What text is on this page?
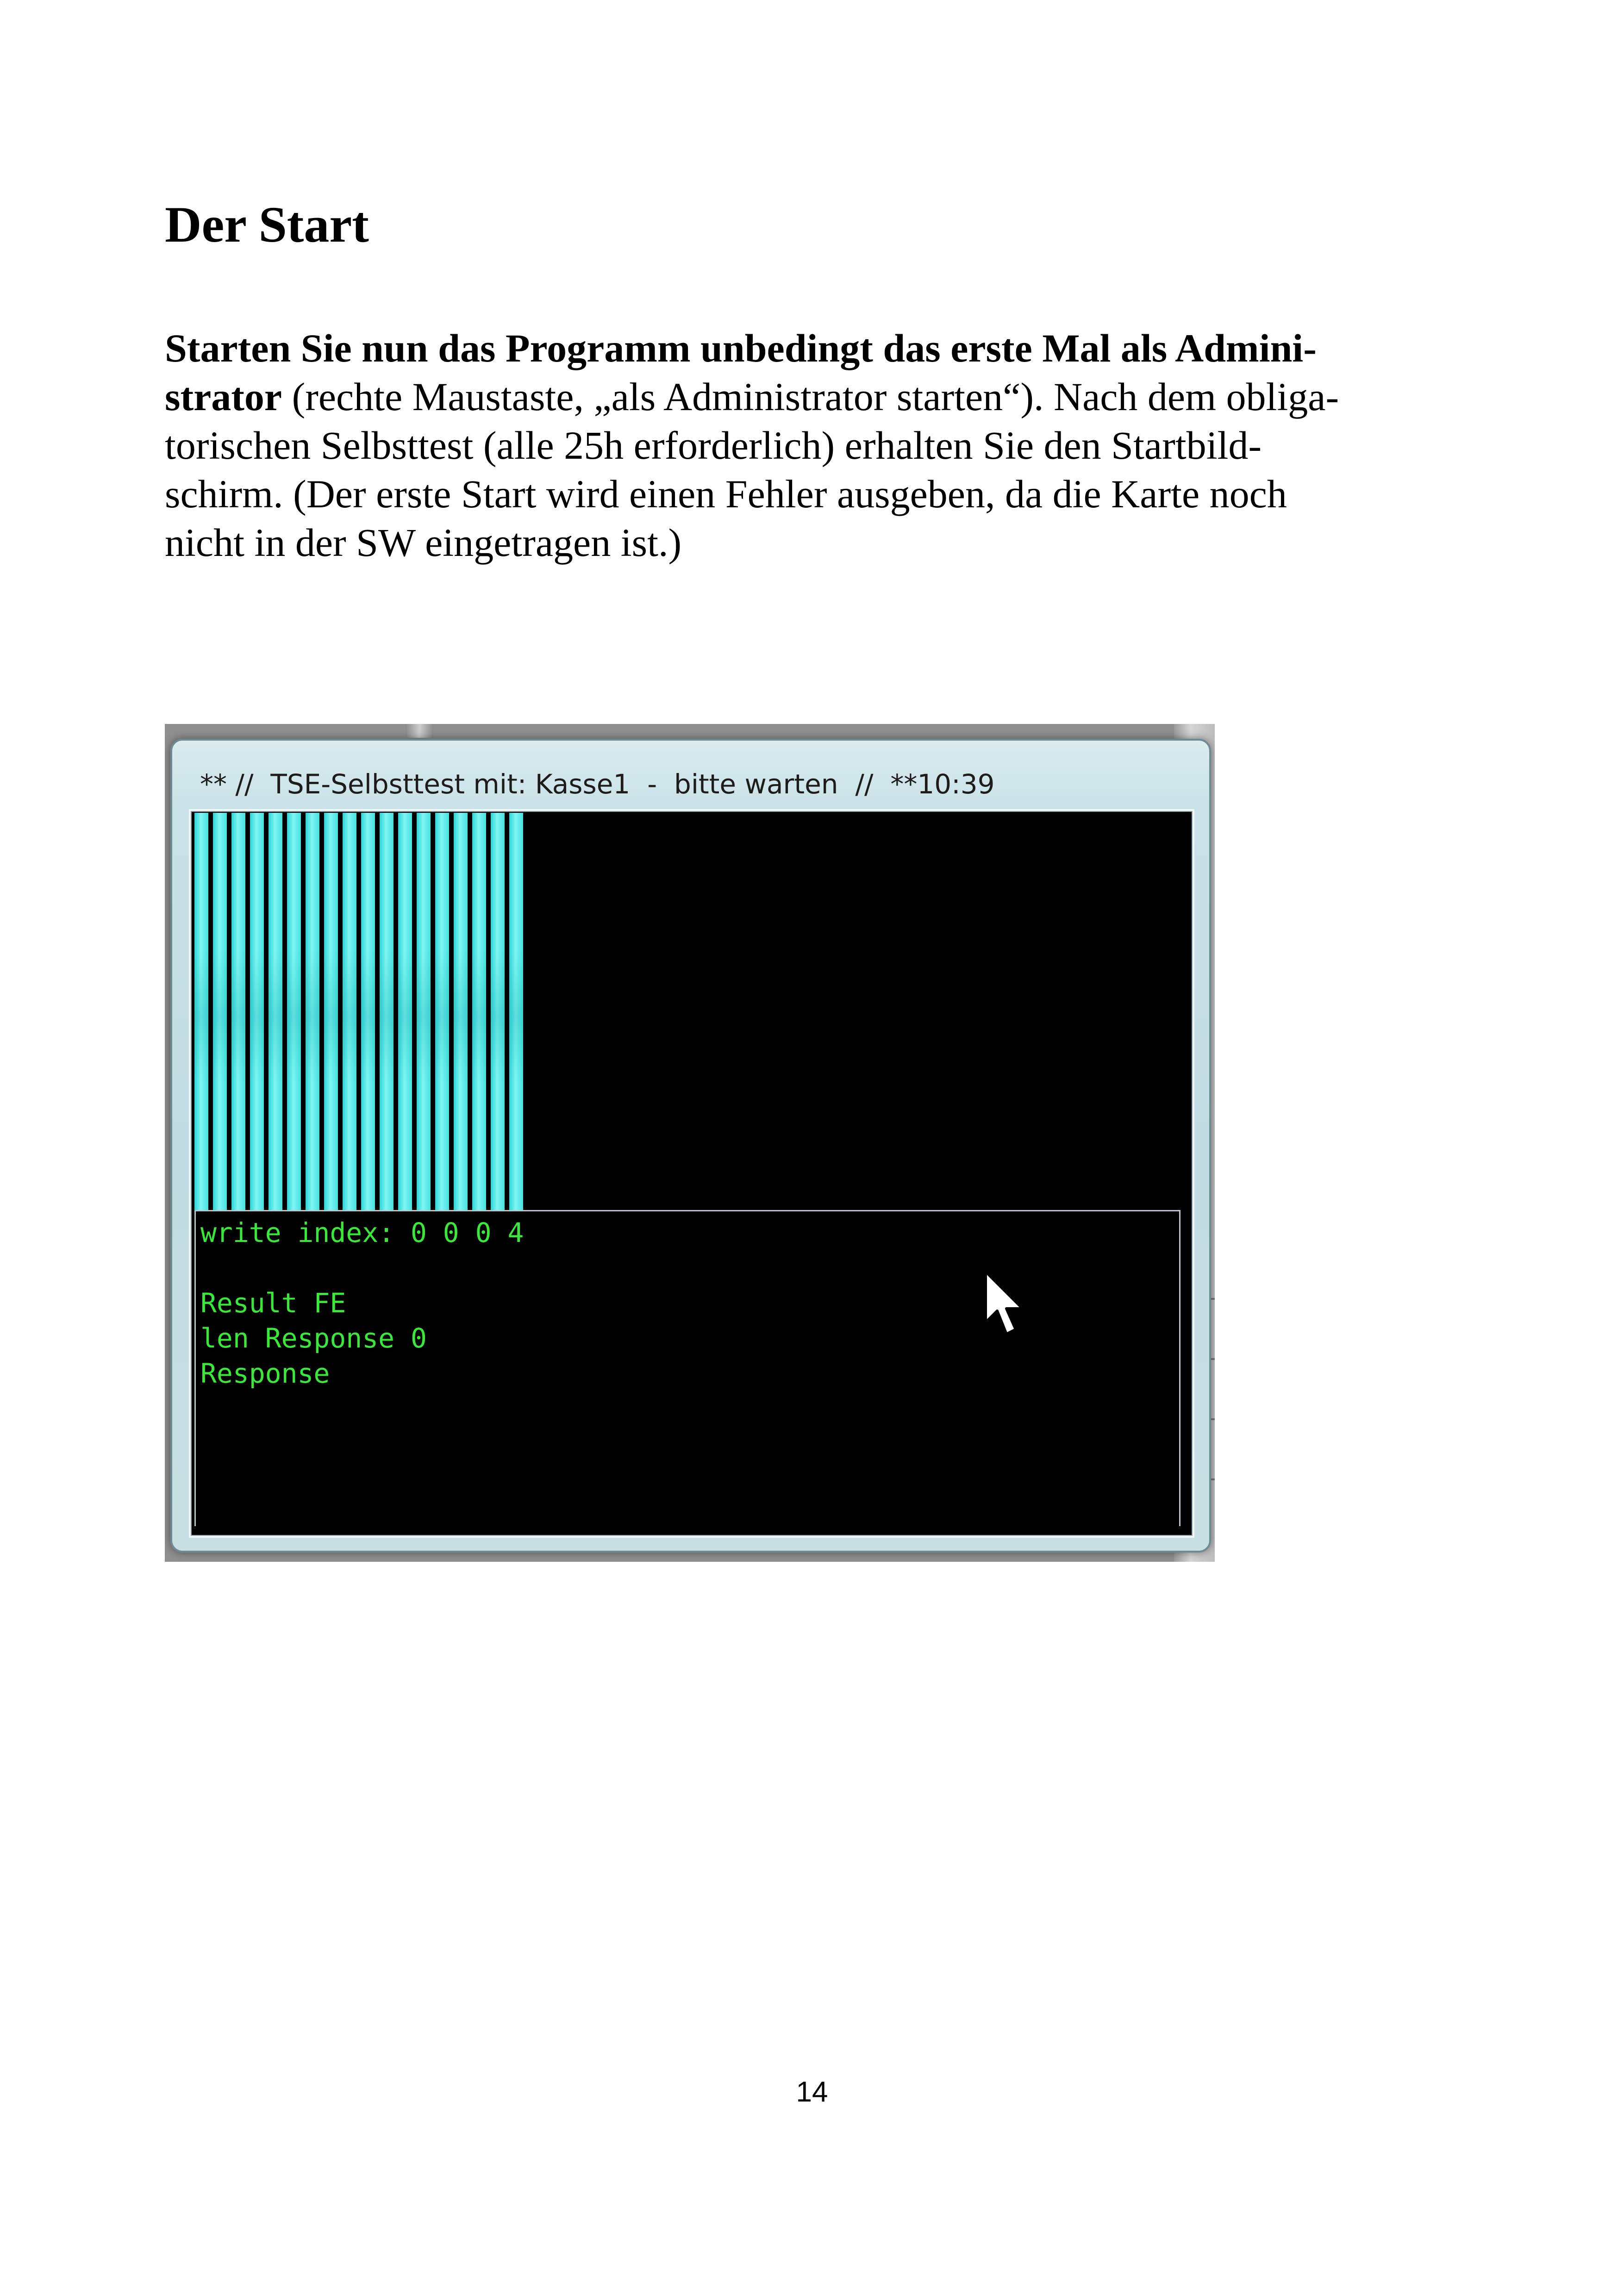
Der Start

Starten Sie nun das Programm unbedingt das erste Mal als Admini-
strator (rechte Maustaste, „als Administrator starten“). Nach dem obliga-
torischen Selbsttest (alle 25h erforderlich) erhalten Sie den Startbild-
schirm. (Der erste Start wird einen Fehler ausgeben, da die Karte noch
nicht in der SW eingetragen ist.)

** //  TSE-Selbsttest mit: Kasse1  -  bitte warten  //  **10:39
write index: 0 0 0 4
Result FE
len Response 0
Response
14
